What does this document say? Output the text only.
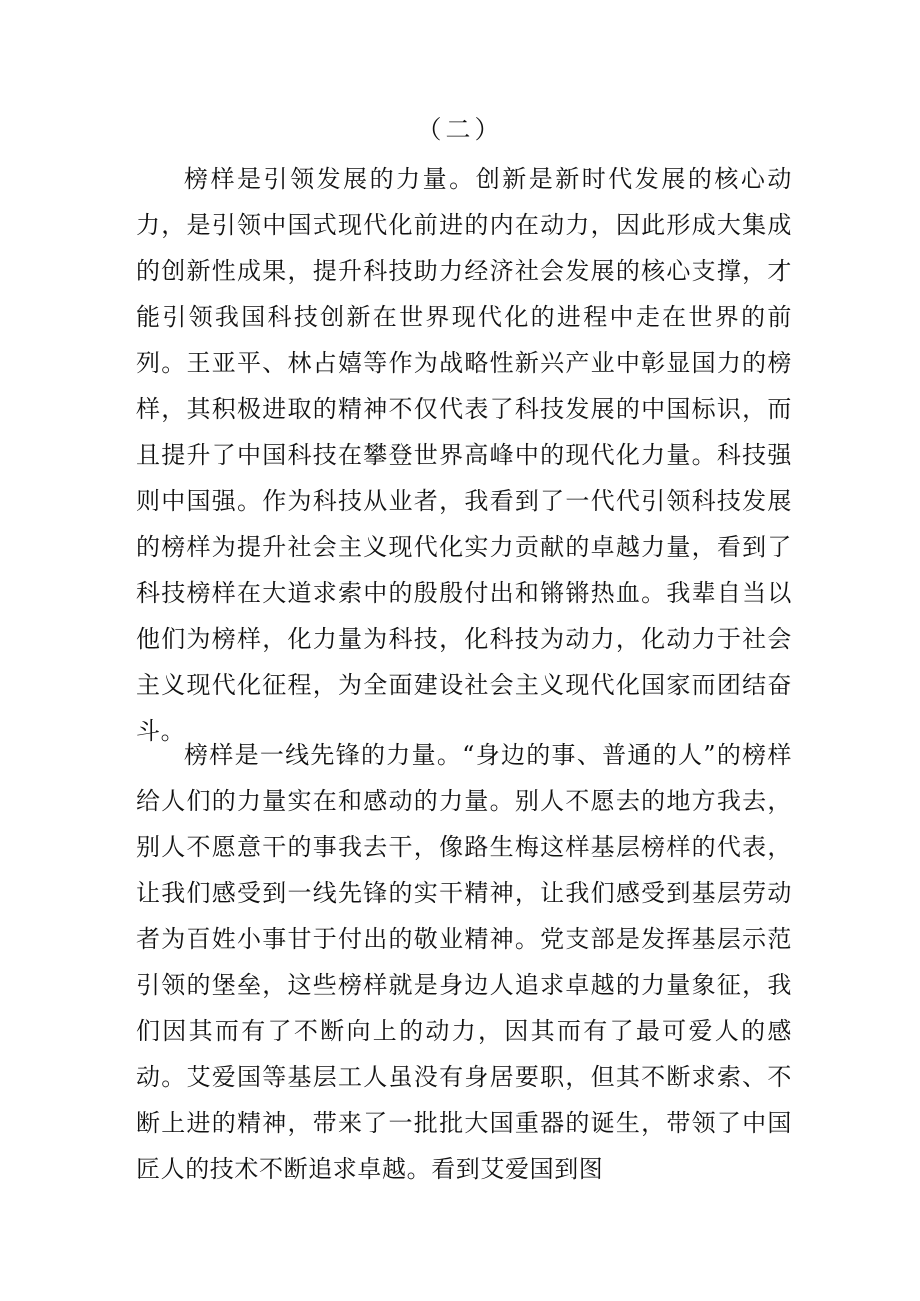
（二）

榜样是引领发展的力量。创新是新时代发展的核心动力，是引领中国式现代化前进的内在动力，因此形成大集成的创新性成果，提升科技助力经济社会发展的核心支撑，才能引领我国科技创新在世界现代化的进程中走在世界的前列。王亚平、林占嬉等作为战略性新兴产业中彰显国力的榜样，其积极进取的精神不仅代表了科技发展的中国标识，而且提升了中国科技在攀登世界高峰中的现代化力量。科技强则中国强。作为科技从业者，我看到了一代代引领科技发展的榜样为提升社会主义现代化实力贡献的卓越力量，看到了科技榜样在大道求索中的殷殷付出和锵锵热血。我辈自当以他们为榜样，化力量为科技，化科技为动力，化动力于社会主义现代化征程，为全面建设社会主义现代化国家而团结奋斗。

榜样是一线先锋的力量。“身边的事、普通的人”的榜样给人们的力量实在和感动的力量。别人不愿去的地方我去，别人不愿意干的事我去干，像路生梅这样基层榜样的代表，让我们感受到一线先锋的实干精神，让我们感受到基层劳动者为百姓小事甘于付出的敬业精神。党支部是发挥基层示范引领的堡垒，这些榜样就是身边人追求卓越的力量象征，我们因其而有了不断向上的动力，因其而有了最可爱人的感动。艾爱国等基层工人虽没有身居要职，但其不断求索、不断上进的精神，带来了一批批大国重器的诞生，带领了中国匠人的技术不断追求卓越。看到艾爱国到图
